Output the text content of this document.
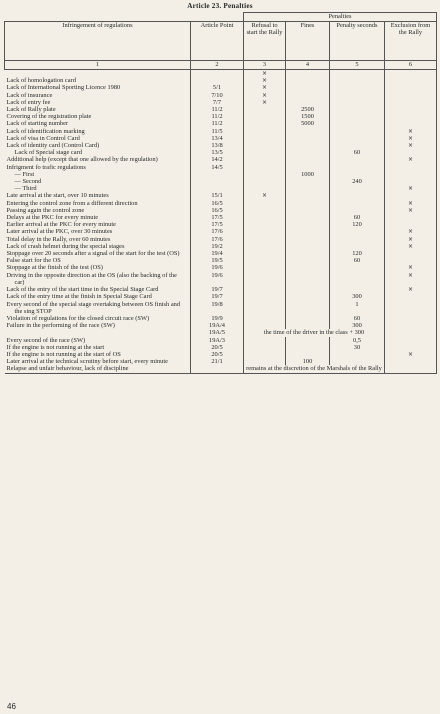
Article 23. Penalties
		Penalties			
Infringement of regulations	Article Point	Refusal to start the Rally	Fines	Penalty seconds	Exclusion from the Rally
1	2	3	4	5	6
		×			
Lack of homologation card		×			
Lack of International Sporting Licence 1980	5/1	×			
Lack of insurance	7/10	×			
Lack of entry fee	7/7	×			
Lack of Rally plate	11/2		2500		
Covering of the registration plate	11/2		1500		
Lack of starting number	11/2		5000		
Lack of identification marking	11/5				×
Lack of visa in Control Card	13/4				×
Lack of identity card (Control Card)	13/8				×
Lack of Special stage card	13/5			60	
Additional help (except that one allowed by the regulation)	14/2				×
Infrigment fo trafic regulations	14/5				
— First			1000		
— Second				240	
— Third					×
Late arrival at the start, over 10 minutes	15/1	×			
Entering the control zone from a different direction	16/5				×
Passing again the control zone	16/5				×
Delays at the PKC for every minute	17/5			60	
Earlier arrival at the PKC for every minute	17/5			120	
Later arrival at the PKC, over 30 minutes	17/6				×
Total delay in the Rally, over 60 minutes	17/6				×
Lack of crash helmet during the special stages	19/2				×
Stoppage over 20 seconds after a signal of the start for the test (OS)	19/4			120	
False start for the OS	19/5			60	
Stoppage at the finish of the test (OS)	19/6				×
Driving in the opposite direction at the OS (also the backing of the car)	19/6				×
Lack of the entry of the start time in the Special Stage Card	19/7				×
Lack of the entry time at the finish in Special Stage Card	19/7			300	
Every second of the special stage overtaking between OS finish and the sing STOP	19/8			1	
Violation of regulations for the closed circuit race (SW)	19/9			60	
Failure in the performing of the race (SW)	19A/4			300	
	19A/5	the time of the driver in the class + 300			
Every second of the race (SW)	19A/3			0,5	
If the engine is not running at the start	20/5			30	
If the engine is not running at the start of OS	20/5				×
Later arrival at the technical scrutiny before start, every minute	21/1		100		
Relapse and unfair behaviour, lack of discipline		remains at the discretion of the Marshals of the Rally			
46
